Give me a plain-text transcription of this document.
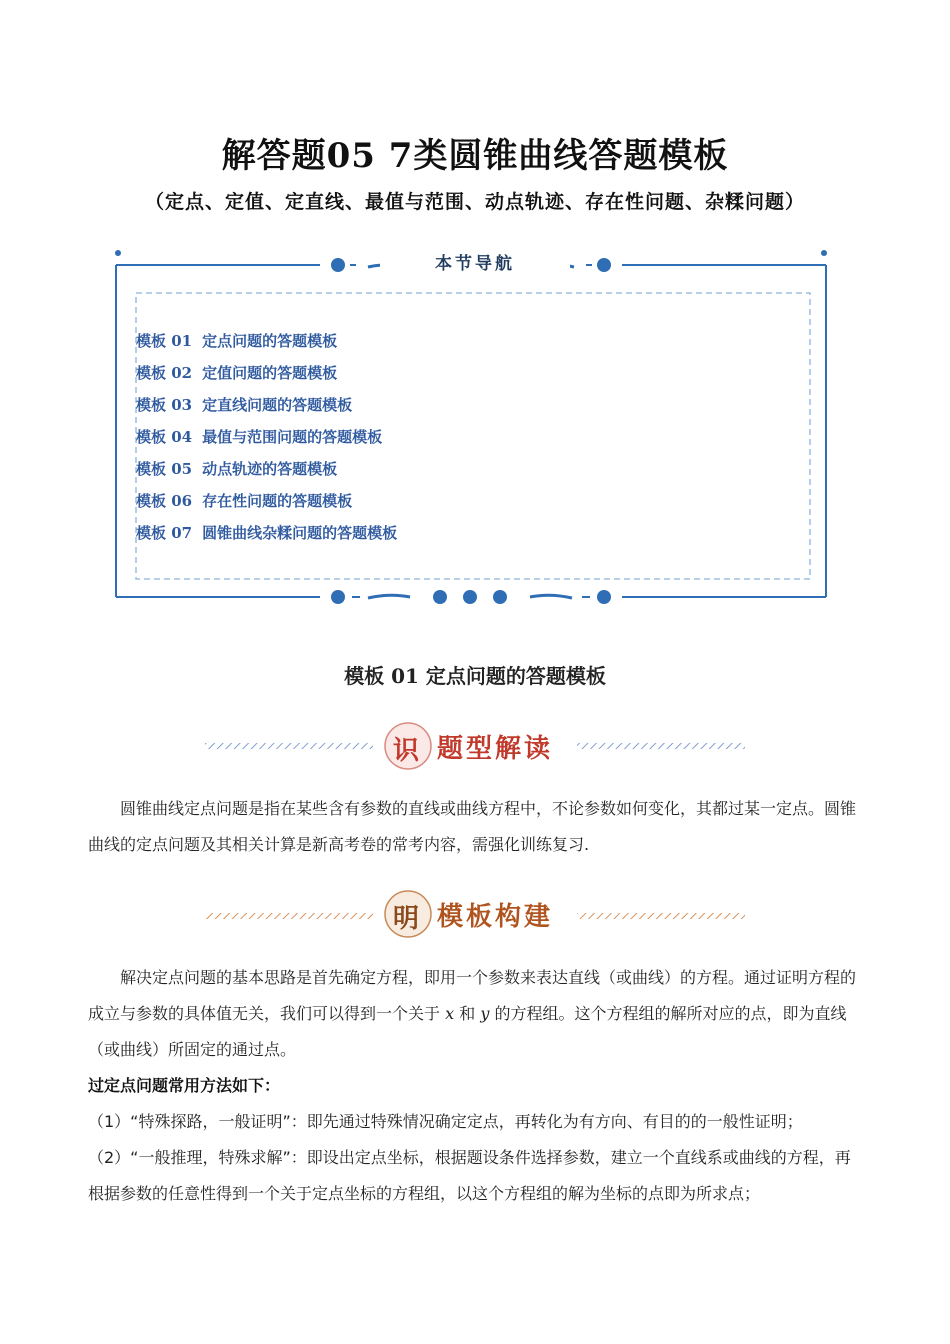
解答题05 7类圆锥曲线答题模板
（定点、定值、定直线、最值与范围、动点轨迹、存在性问题、杂糅问题）
本节导航
模板 01 定点问题的答题模板
模板 02 定值问题的答题模板
模板 03 定直线问题的答题模板
模板 04 最值与范围问题的答题模板
模板 05 动点轨迹的答题模板
模板 06 存在性问题的答题模板
模板 07 圆锥曲线杂糅问题的答题模板
模板 01 定点问题的答题模板
识 题型解读
圆锥曲线定点问题是指在某些含有参数的直线或曲线方程中，不论参数如何变化，其都过某一定点。圆锥曲线的定点问题及其相关计算是新高考卷的常考内容，需强化训练复习.
明 模板构建
解决定点问题的基本思路是首先确定方程，即用一个参数来表达直线（或曲线）的方程。通过证明方程的成立与参数的具体值无关，我们可以得到一个关于 x 和 y 的方程组。这个方程组的解所对应的点，即为直线（或曲线）所固定的通过点。
过定点问题常用方法如下：
（1）“特殊探路，一般证明”：即先通过特殊情况确定定点，再转化为有方向、有目的的一般性证明；
（2）“一般推理，特殊求解”：即设出定点坐标，根据题设条件选择参数，建立一个直线系或曲线的方程，再根据参数的任意性得到一个关于定点坐标的方程组，以这个方程组的解为坐标的点即为所求点；
